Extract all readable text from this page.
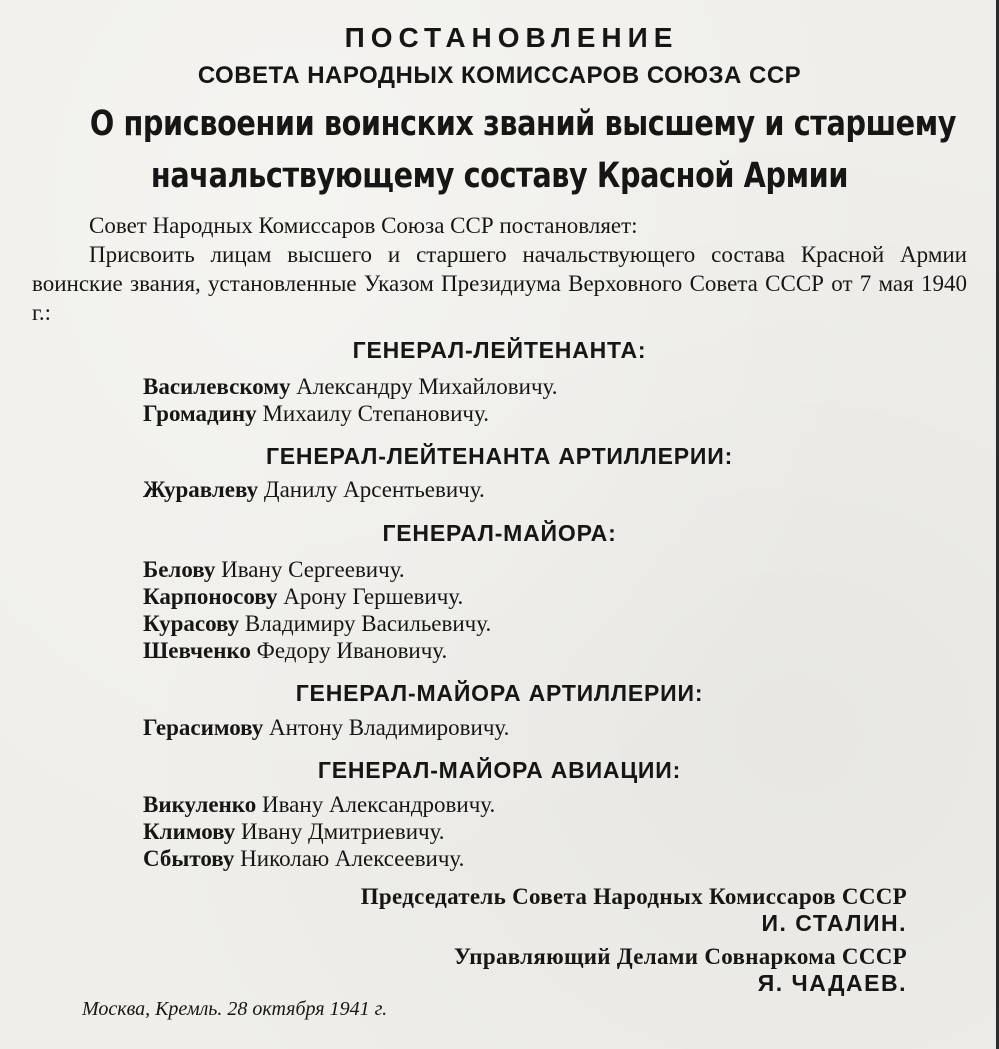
ПОСТАНОВЛЕНИЕ
СОВЕТА НАРОДНЫХ КОМИССАРОВ СОЮЗА ССР
О присвоении воинских званий высшему и старшему
начальствующему составу Красной Армии

Совет Народных Комиссаров Союза ССР постановляет:

Присвоить лицам высшего и старшего начальствующего состава Красной Армии воинские звания, установленные Указом Президиума Верховного Совета СССР от 7 мая 1940 г.:

ГЕНЕРАЛ-ЛЕЙТЕНАНТА:

Василевскому Александру Михайловичу.

Громадину Михаилу Степановичу.

ГЕНЕРАЛ-ЛЕЙТЕНАНТА АРТИЛЛЕРИИ:

Журавлеву Данилу Арсентьевичу.

ГЕНЕРАЛ-МАЙОРА:

Белову Ивану Сергеевичу.

Карпоносову Арону Гершевичу.

Курасову Владимиру Васильевичу.

Шевченко Федору Ивановичу.

ГЕНЕРАЛ-МАЙОРА АРТИЛЛЕРИИ:

Герасимову Антону Владимировичу.

ГЕНЕРАЛ-МАЙОРА АВИАЦИИ:

Викуленко Ивану Александровичу.

Климову Ивану Дмитриевичу.

Сбытову Николаю Алексеевичу.

Председатель Совета Народных Комиссаров СССР

И. СТАЛИН.

Управляющий Делами Совнаркома СССР

Я. ЧАДАЕВ.

Москва, Кремль. 28 октября 1941 г.
